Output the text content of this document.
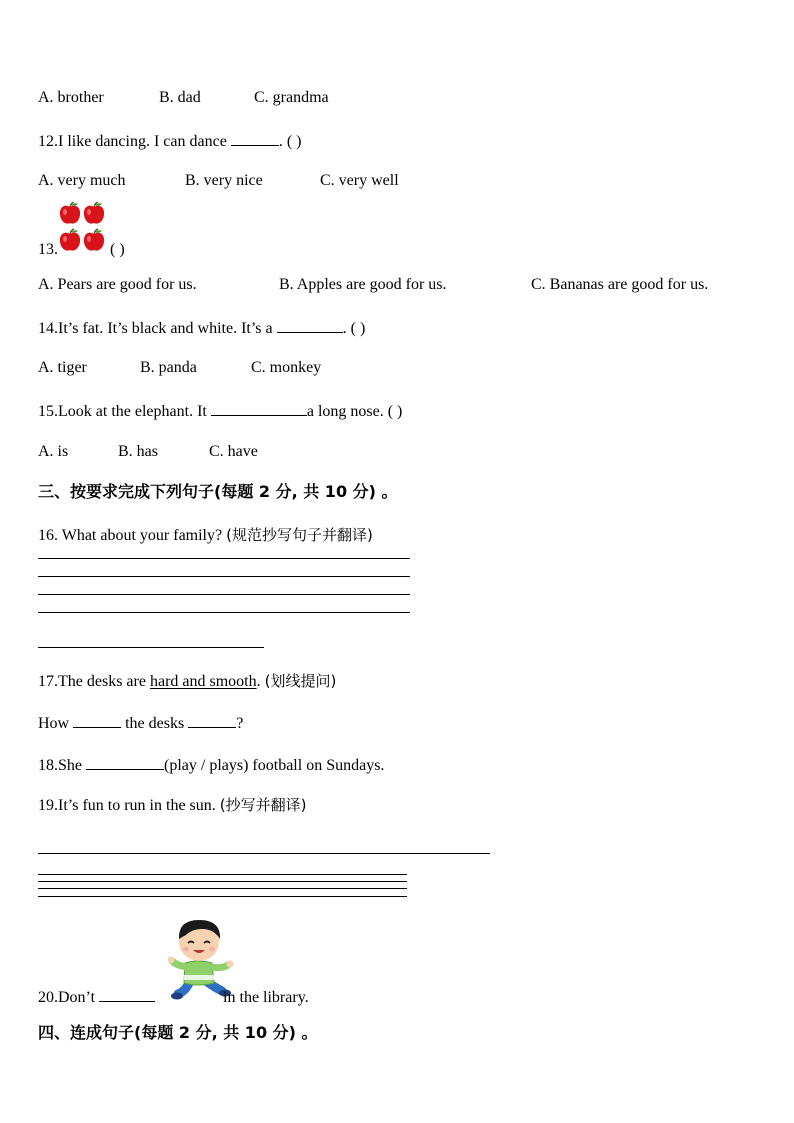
A. brother	B. dad	C. grandma
12.I like dancing. I can dance	. ( )
A. very much	B. very nice	C. very well
13.	( )
A. Pears are good for us.	B. Apples are good for us.	C. Bananas are good for us.
14.It’s fat. It’s black and white. It’s a	. ( )
A. tiger	B. panda	C. monkey
15.Look at the elephant. It	a long nose. ( )
A. is	B. has	C. have
三、按要求完成下列句子(每题 2 分, 共 10 分) 。
16. What about your family? (规范抄写句子并翻译)
17.The desks are hard and smooth. (划线提问)
How	the desks	?
18.She	(play / plays) football on Sundays.
19.It’s fun to run in the sun. (抄写并翻译)
20.Don’t	in the library.
四、连成句子(每题 2 分, 共 10 分) 。
